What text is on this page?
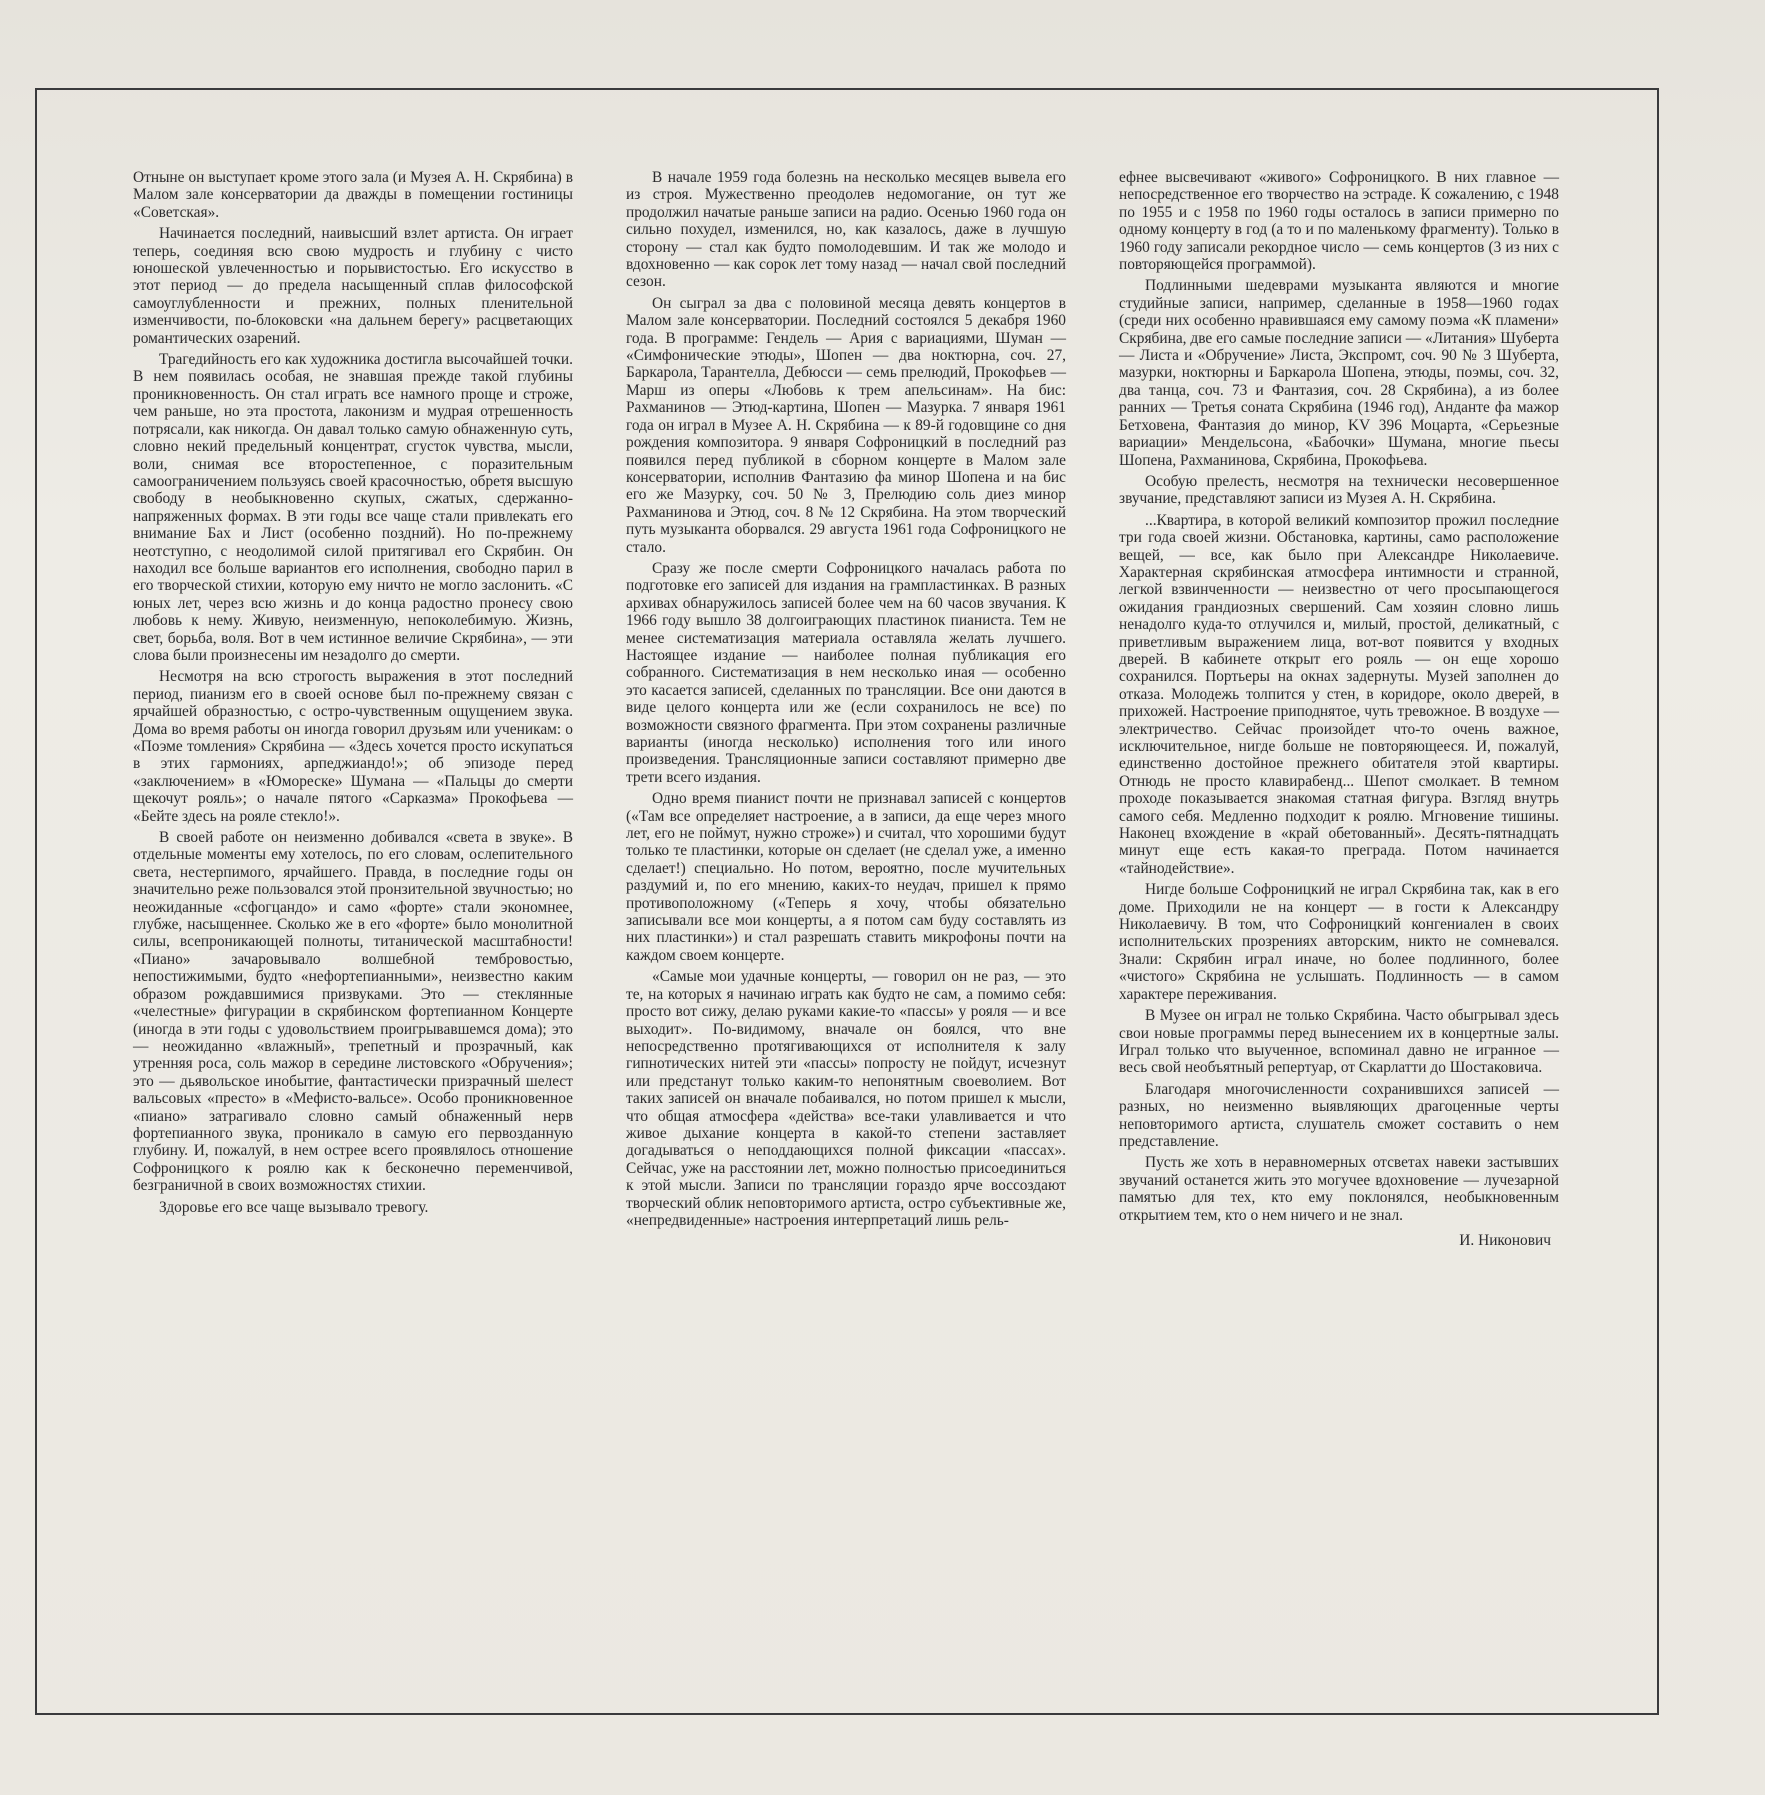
Отныне он выступает кроме этого зала (и Музея А. Н. Скрябина) в Малом зале консерватории да дважды в помещении гостиницы «Советская».

Начинается последний, наивысший взлет артиста. Он играет теперь, соединяя всю свою мудрость и глубину с чисто юношеской увлеченностью и порывистостью. Его искусство в этот период — до предела насыщенный сплав философской самоуглубленности и прежних, полных пленительной изменчивости, по-блоковски «на дальнем берегу» расцветающих романтических озарений.

Трагедийность его как художника достигла высочайшей точки. В нем появилась особая, не знавшая прежде такой глубины проникновенность. Он стал играть все намного проще и строже, чем раньше, но эта простота, лаконизм и мудрая отрешенность потрясали, как никогда. Он давал только самую обнаженную суть, словно некий предельный концентрат, сгусток чувства, мысли, воли, снимая все второстепенное, с поразительным самоограничением пользуясь своей красочностью, обретя высшую свободу в необыкновенно скупых, сжатых, сдержанно-напряженных формах. В эти годы все чаще стали привлекать его внимание Бах и Лист (особенно поздний). Но по-прежнему неотступно, с неодолимой силой притягивал его Скрябин. Он находил все больше вариантов его исполнения, свободно парил в его творческой стихии, которую ему ничто не могло заслонить. «С юных лет, через всю жизнь и до конца радостно пронесу свою любовь к нему. Живую, неизменную, непоколебимую. Жизнь, свет, борьба, воля. Вот в чем истинное величие Скрябина», — эти слова были произнесены им незадолго до смерти.

Несмотря на всю строгость выражения в этот последний период, пианизм его в своей основе был по-прежнему связан с ярчайшей образностью, с остро-чувственным ощущением звука. Дома во время работы он иногда говорил друзьям или ученикам: о «Поэме томления» Скрябина — «Здесь хочется просто искупаться в этих гармониях, арпеджиандо!»; об эпизоде перед «заключением» в «Юмореске» Шумана — «Пальцы до смерти щекочут рояль»; о начале пятого «Сарказма» Прокофьева — «Бейте здесь на рояле стекло!».

В своей работе он неизменно добивался «света в звуке». В отдельные моменты ему хотелось, по его словам, ослепительного света, нестерпимого, ярчайшего. Правда, в последние годы он значительно реже пользовался этой пронзительной звучностью; но неожиданные «сфогцандо» и само «форте» стали экономнее, глубже, насыщеннее. Сколько же в его «форте» было монолитной силы, всепроникающей полноты, титанической масштабности! «Пиано» зачаровывало волшебной тембровостью, непостижимыми, будто «нефортепианными», неизвестно каким образом рождавшимися призвуками. Это — стеклянные «челестные» фигурации в скрябинском фортепианном Концерте (иногда в эти годы с удовольствием проигрывавшемся дома); это — неожиданно «влажный», трепетный и прозрачный, как утренняя роса, соль мажор в середине листовского «Обручения»; это — дьявольское инобытие, фантастически призрачный шелест вальсовых «престо» в «Мефисто-вальсе». Особо проникновенное «пиано» затрагивало словно самый обнаженный нерв фортепианного звука, проникало в самую его первозданную глубину. И, пожалуй, в нем острее всего проявлялось отношение Софроницкого к роялю как к бесконечно переменчивой, безграничной в своих возможностях стихии.

Здоровье его все чаще вызывало тревогу.

В начале 1959 года болезнь на несколько месяцев вывела его из строя. Мужественно преодолев недомогание, он тут же продолжил начатые раньше записи на радио. Осенью 1960 года он сильно похудел, изменился, но, как казалось, даже в лучшую сторону — стал как будто помолодевшим. И так же молодо и вдохновенно — как сорок лет тому назад — начал свой последний сезон.

Он сыграл за два с половиной месяца девять концертов в Малом зале консерватории. Последний состоялся 5 декабря 1960 года. В программе: Гендель — Ария с вариациями, Шуман — «Симфонические этюды», Шопен — два ноктюрна, соч. 27, Баркарола, Тарантелла, Дебюсси — семь прелюдий, Прокофьев — Марш из оперы «Любовь к трем апельсинам». На бис: Рахманинов — Этюд-картина, Шопен — Мазурка. 7 января 1961 года он играл в Музее А. Н. Скрябина — к 89-й годовщине со дня рождения композитора. 9 января Софроницкий в последний раз появился перед публикой в сборном концерте в Малом зале консерватории, исполнив Фантазию фа минор Шопена и на бис его же Мазурку, соч. 50 № 3, Прелюдию соль диез минор Рахманинова и Этюд, соч. 8 № 12 Скрябина. На этом творческий путь музыканта оборвался. 29 августа 1961 года Софроницкого не стало.

Сразу же после смерти Софроницкого началась работа по подготовке его записей для издания на грампластинках. В разных архивах обнаружилось записей более чем на 60 часов звучания. К 1966 году вышло 38 долгоиграющих пластинок пианиста. Тем не менее систематизация материала оставляла желать лучшего. Настоящее издание — наиболее полная публикация его собранного. Систематизация в нем несколько иная — особенно это касается записей, сделанных по трансляции. Все они даются в виде целого концерта или же (если сохранилось не все) по возможности связного фрагмента. При этом сохранены различные варианты (иногда несколько) исполнения того или иного произведения. Трансляционные записи составляют примерно две трети всего издания.

Одно время пианист почти не признавал записей с концертов («Там все определяет настроение, а в записи, да еще через много лет, его не поймут, нужно строже») и считал, что хорошими будут только те пластинки, которые он сделает (не сделал уже, а именно сделает!) специально. Но потом, вероятно, после мучительных раздумий и, по его мнению, каких-то неудач, пришел к прямо противоположному («Теперь я хочу, чтобы обязательно записывали все мои концерты, а я потом сам буду составлять из них пластинки») и стал разрешать ставить микрофоны почти на каждом своем концерте.

«Самые мои удачные концерты, — говорил он не раз, — это те, на которых я начинаю играть как будто не сам, а помимо себя: просто вот сижу, делаю руками какие-то «пассы» у рояля — и все выходит». По-видимому, вначале он боялся, что вне непосредственно протягивающихся от исполнителя к залу гипнотических нитей эти «пассы» попросту не пойдут, исчезнут или предстанут только каким-то непонятным своеволием. Вот таких записей он вначале побаивался, но потом пришел к мысли, что общая атмосфера «действа» все-таки улавливается и что живое дыхание концерта в какой-то степени заставляет догадываться о неподдающихся полной фиксации «пассах». Сейчас, уже на расстоянии лет, можно полностью присоединиться к этой мысли. Записи по трансляции гораздо ярче воссоздают творческий облик неповторимого артиста, остро субъективные же, «непредвиденные» настроения интерпретаций лишь рель-

ефнее высвечивают «живого» Софроницкого. В них главное — непосредственное его творчество на эстраде. К сожалению, с 1948 по 1955 и с 1958 по 1960 годы осталось в записи примерно по одному концерту в год (а то и по маленькому фрагменту). Только в 1960 году записали рекордное число — семь концертов (3 из них с повторяющейся программой).

Подлинными шедеврами музыканта являются и многие студийные записи, например, сделанные в 1958—1960 годах (среди них особенно нравившаяся ему самому поэма «К пламени» Скрябина, две его самые последние записи — «Литания» Шуберта — Листа и «Обручение» Листа, Экспромт, соч. 90 № 3 Шуберта, мазурки, ноктюрны и Баркарола Шопена, этюды, поэмы, соч. 32, два танца, соч. 73 и Фантазия, соч. 28 Скрябина), а из более ранних — Третья соната Скрябина (1946 год), Анданте фа мажор Бетховена, Фантазия до минор, KV 396 Моцарта, «Серьезные вариации» Мендельсона, «Бабочки» Шумана, многие пьесы Шопена, Рахманинова, Скрябина, Прокофьева.

Особую прелесть, несмотря на технически несовершенное звучание, представляют записи из Музея А. Н. Скрябина.

...Квартира, в которой великий композитор прожил последние три года своей жизни. Обстановка, картины, само расположение вещей, — все, как было при Александре Николаевиче. Характерная скрябинская атмосфера интимности и странной, легкой взвинченности — неизвестно от чего просыпающегося ожидания грандиозных свершений. Сам хозяин словно лишь ненадолго куда-то отлучился и, милый, простой, деликатный, с приветливым выражением лица, вот-вот появится у входных дверей. В кабинете открыт его рояль — он еще хорошо сохранился. Портьеры на окнах задернуты. Музей заполнен до отказа. Молодежь толпится у стен, в коридоре, около дверей, в прихожей. Настроение приподнятое, чуть тревожное. В воздухе — электричество. Сейчас произойдет что-то очень важное, исключительное, нигде больше не повторяющееся. И, пожалуй, единственно достойное прежнего обитателя этой квартиры. Отнюдь не просто клавирабенд... Шепот смолкает. В темном проходе показывается знакомая статная фигура. Взгляд внутрь самого себя. Медленно подходит к роялю. Мгновение тишины. Наконец вхождение в «край обетованный». Десять-пятнадцать минут еще есть какая-то преграда. Потом начинается «тайнодействие».

Нигде больше Софроницкий не играл Скрябина так, как в его доме. Приходили не на концерт — в гости к Александру Николаевичу. В том, что Софроницкий конгениален в своих исполнительских прозрениях авторским, никто не сомневался. Знали: Скрябин играл иначе, но более подлинного, более «чистого» Скрябина не услышать. Подлинность — в самом характере переживания.

В Музее он играл не только Скрябина. Часто обыгрывал здесь свои новые программы перед вынесением их в концертные залы. Играл только что выученное, вспоминал давно не игранное — весь свой необъятный репертуар, от Скарлатти до Шостаковича.

Благодаря многочисленности сохранившихся записей — разных, но неизменно выявляющих драгоценные черты неповторимого артиста, слушатель сможет составить о нем представление.

Пусть же хоть в неравномерных отсветах навеки застывших звучаний останется жить это могучее вдохновение — лучезарной памятью для тех, кто ему поклонялся, необыкновенным открытием тем, кто о нем ничего и не знал.

И. Никонович
